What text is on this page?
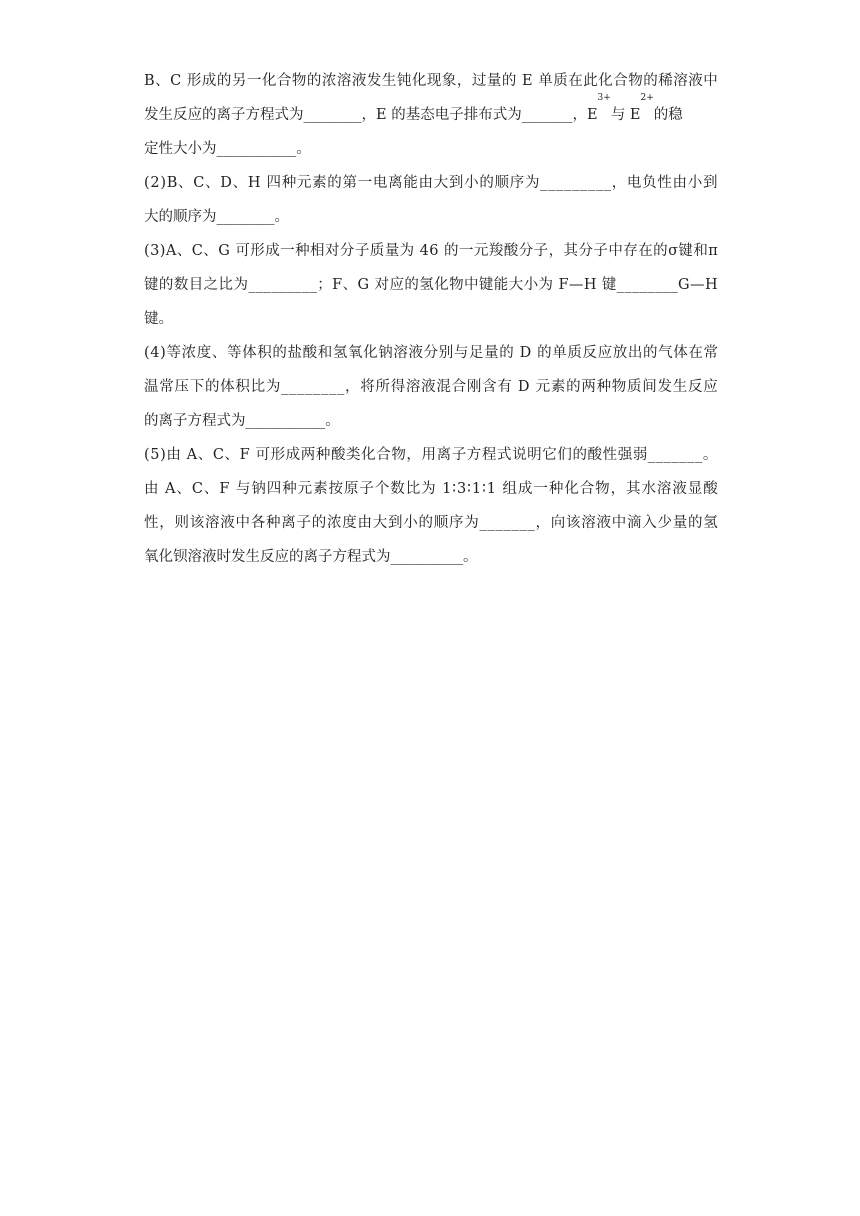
B 、 C
形 成 的 另 一 化 合 物 的 浓 溶 液 发 生 钝 化 现 象 ， 过 量 的
E
单 质 在 此 化 合 物 的 稀 溶 液 中
发生反应的离子方程式为________，E 的基态电子排布式为_______，E
3+
与 E
2+
的稳
定性大小为___________。
( 2 ) B 、 C 、 D 、 H
四 种 元 素 的 第 一 电 离 能 由 大 到 小 的 顺 序 为 _ _ _ _ _ _ _ _ _ ， 电 负 性 由 小 到
大的顺序为________。
( 3 ) A 、 C 、 G
可 形 成 一 种 相 对 分 子 质 量 为
4 6
的 一 元 羧 酸 分 子 ， 其 分 子 中 存 在 的 σ 键 和 π
键 的 数 目 之 比 为 _ _ _ _ _ _ _ _ _ ； F 、 G
对 应 的 氢 化 物 中 键 能 大 小 为
F — H
键 _ _ _ _ _ _ _ _ G — H
键。
( 4 ) 等 浓 度 、 等 体 积 的 盐 酸 和 氢 氧 化 钠 溶 液 分 别 与 足 量 的
D
的 单 质 反 应 放 出 的 气 体 在 常
温 常 压 下 的 体 积 比 为 _ _ _ _ _ _ _ _ ， 将 所 得 溶 液 混 合 刚 含 有
D
元 素 的 两 种 物 质 间 发 生 反 应
的离子方程式为___________。
( 5 ) 由
A 、 C 、 F
可 形 成 两 种 酸 类 化 合 物 ， 用 离 子 方 程 式 说 明 它 们 的 酸 性 强 弱 _ _ _ _ _ _ _ 。
由
A 、 C 、 F
与 钠 四 种 元 素 按 原 子 个 数 比 为
1 ∶ 3 ∶ 1 ∶ 1
组 成 一 种 化 合 物 ， 其 水 溶 液 显 酸
性 ， 则 该 溶 液 中 各 种 离 子 的 浓 度 由 大 到 小 的 顺 序 为 _ _ _ _ _ _ _ ， 向 该 溶 液 中 滴 入 少 量 的 氢
氧化钡溶液时发生反应的离子方程式为__________。
